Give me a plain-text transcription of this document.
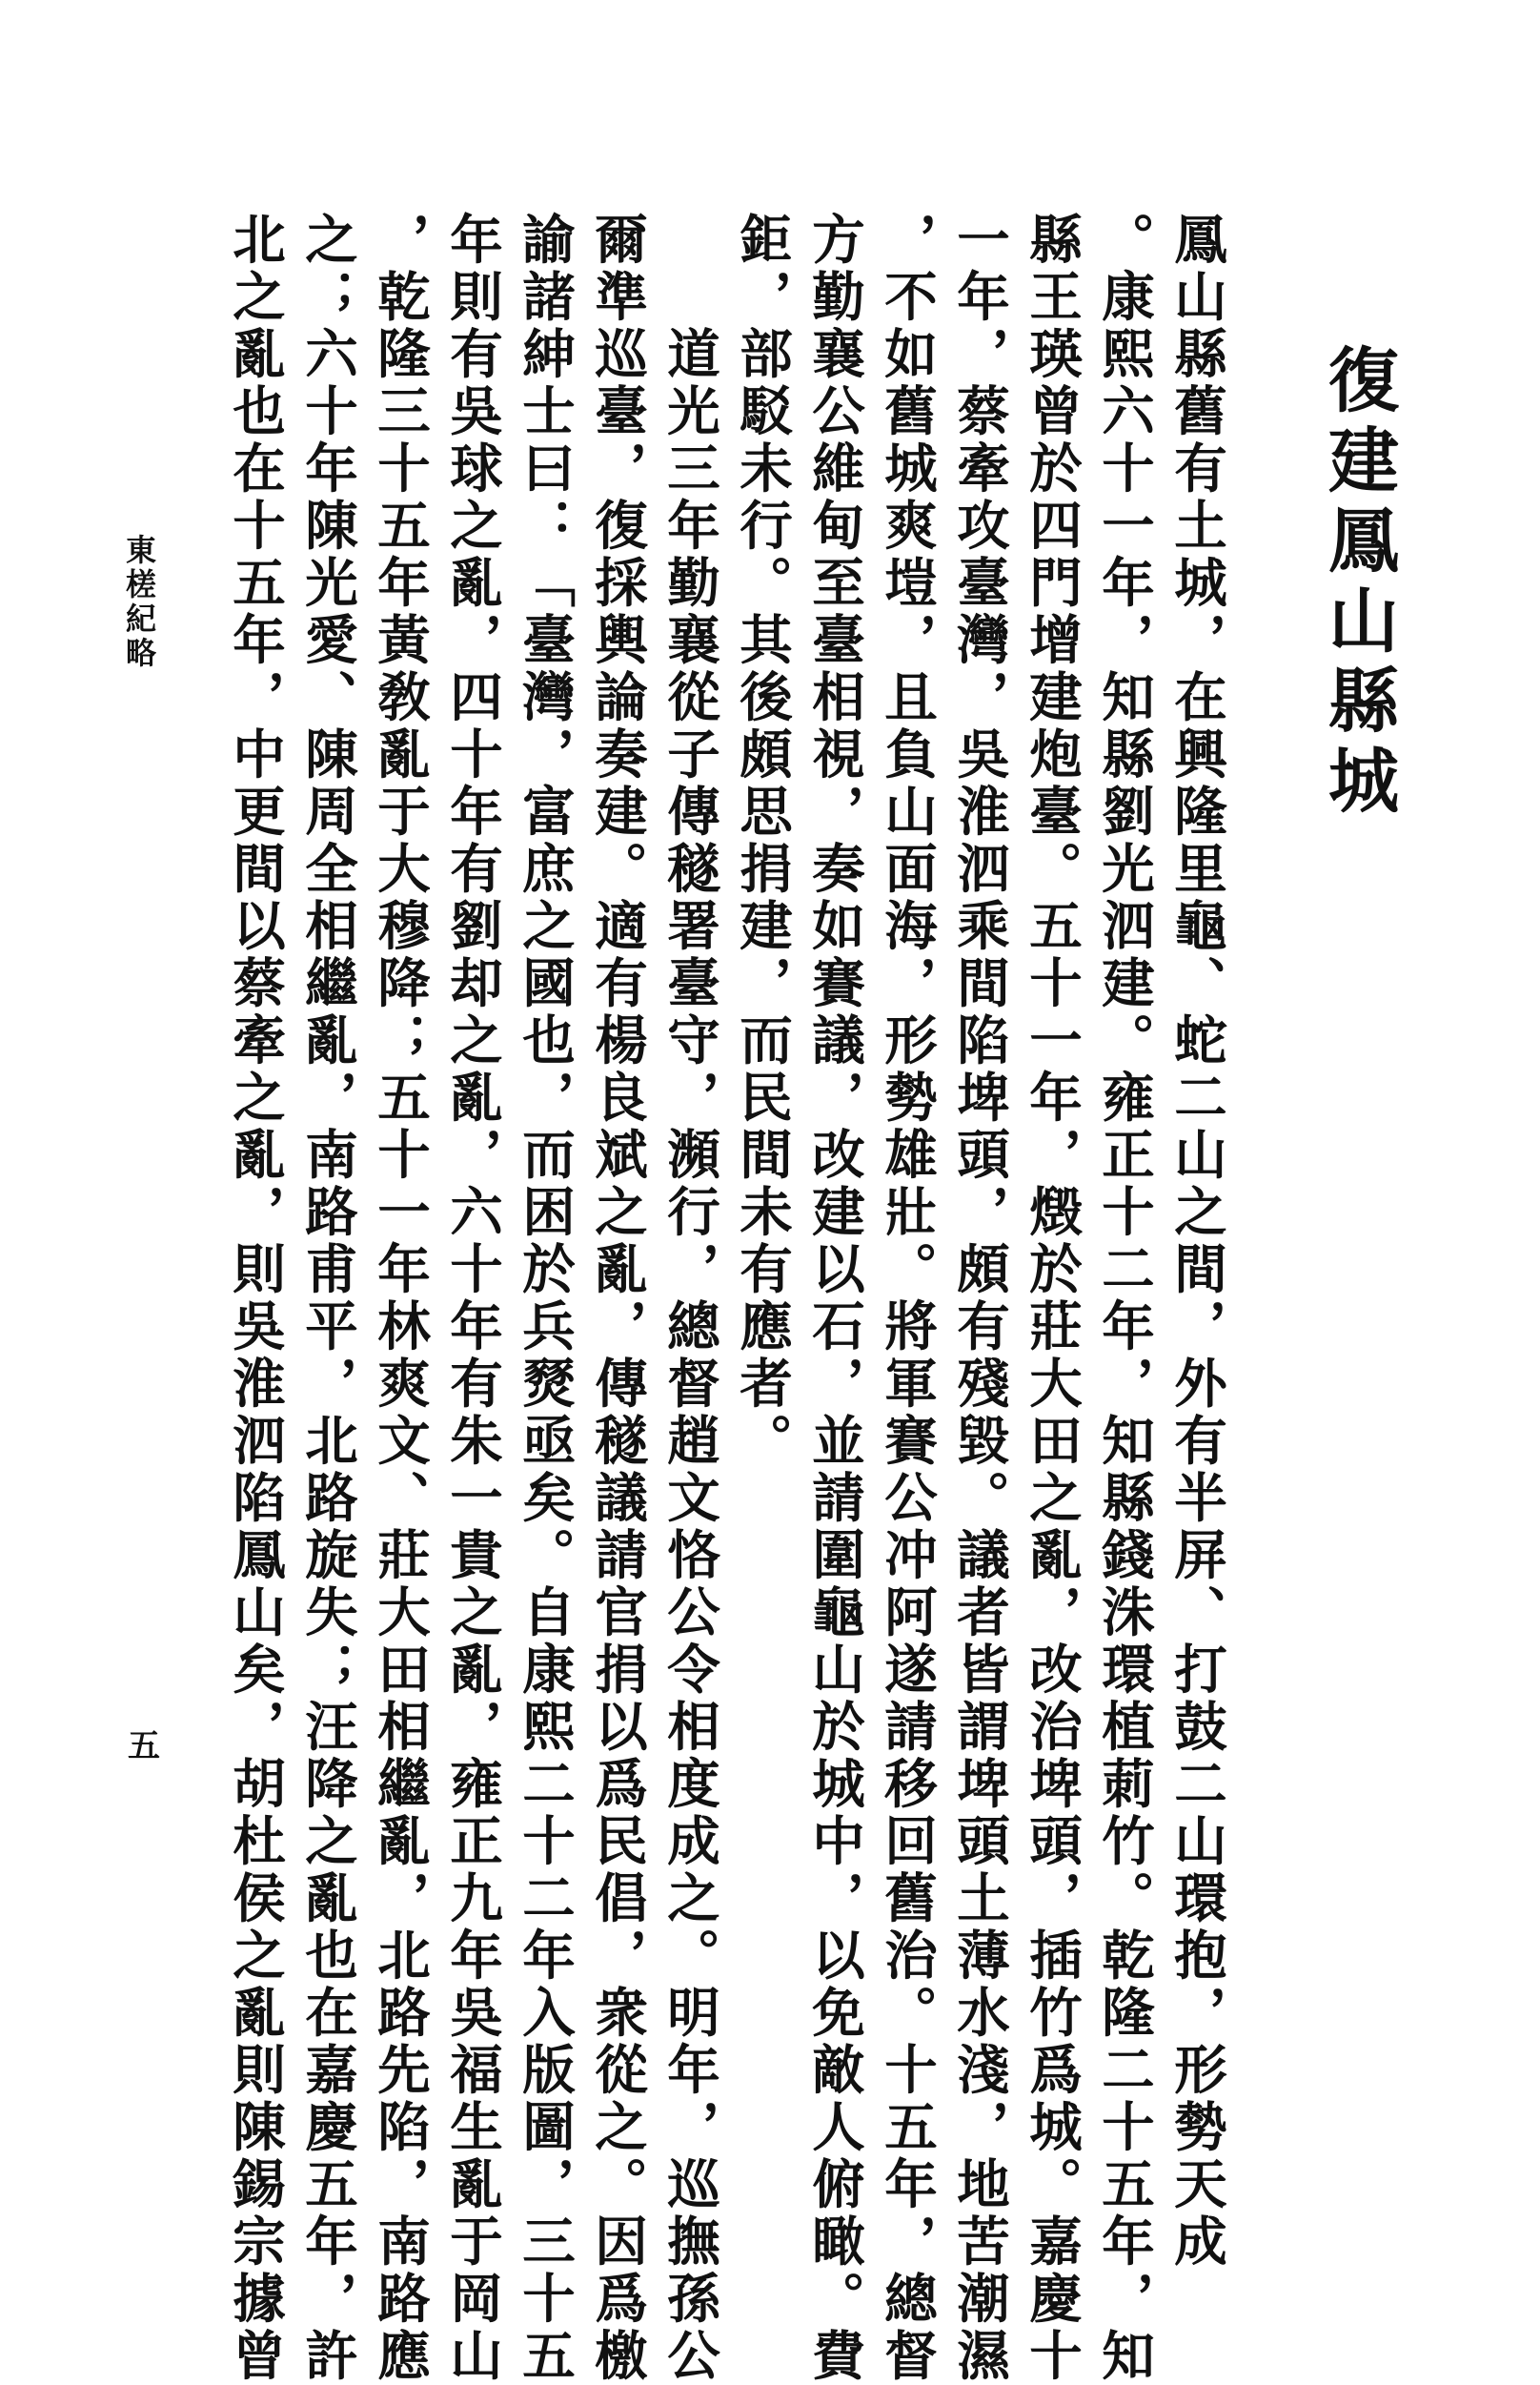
復建鳳山縣城
鳳山縣舊有土城，在興隆里龜、蛇二山之間，外有半屏、打鼓二山環抱，形勢天成
。康熙六十一年，知縣劉光泗建。雍正十二年，知縣錢洙環植莿竹。乾隆二十五年，知
縣王瑛曾於四門增建炮臺。五十一年，燬於莊大田之亂，改治埤頭，插竹爲城。嘉慶十
一年，蔡牽攻臺灣，吳淮泗乘間陷埤頭，頗有殘毀。議者皆謂埤頭土薄水淺，地苦潮濕
，不如舊城爽塏，且負山面海，形勢雄壯。將軍賽公冲阿遂請移回舊治。十五年，總督
方勤襄公維甸至臺相視，奏如賽議，改建以石，並請圍龜山於城中，以免敵人俯瞰。費
鉅，部駁未行。其後頗思捐建，而民間未有應者。
　　道光三年勤襄從子傳穟署臺守，瀕行，總督趙文恪公令相度成之。明年，巡撫孫公
爾準巡臺，復採輿論奏建。適有楊良斌之亂，傳穟議請官捐以爲民倡，衆從之。因爲檄
諭諸紳士曰：「臺灣，富庶之國也，而困於兵燹亟矣。自康熙二十二年入版圖，三十五
年則有吳球之亂，四十年有劉却之亂，六十年有朱一貴之亂，雍正九年吳福生亂于岡山
，乾隆三十五年黃敎亂于大穆降；五十一年林爽文、莊大田相繼亂，北路先陷，南路應
之；六十年陳光愛、陳周全相繼亂，南路甫平，北路旋失；汪降之亂也在嘉慶五年，許
北之亂也在十五年，中更間以蔡牽之亂，則吳淮泗陷鳳山矣，胡杜侯之亂則陳錫宗據曾
東槎紀略
五
